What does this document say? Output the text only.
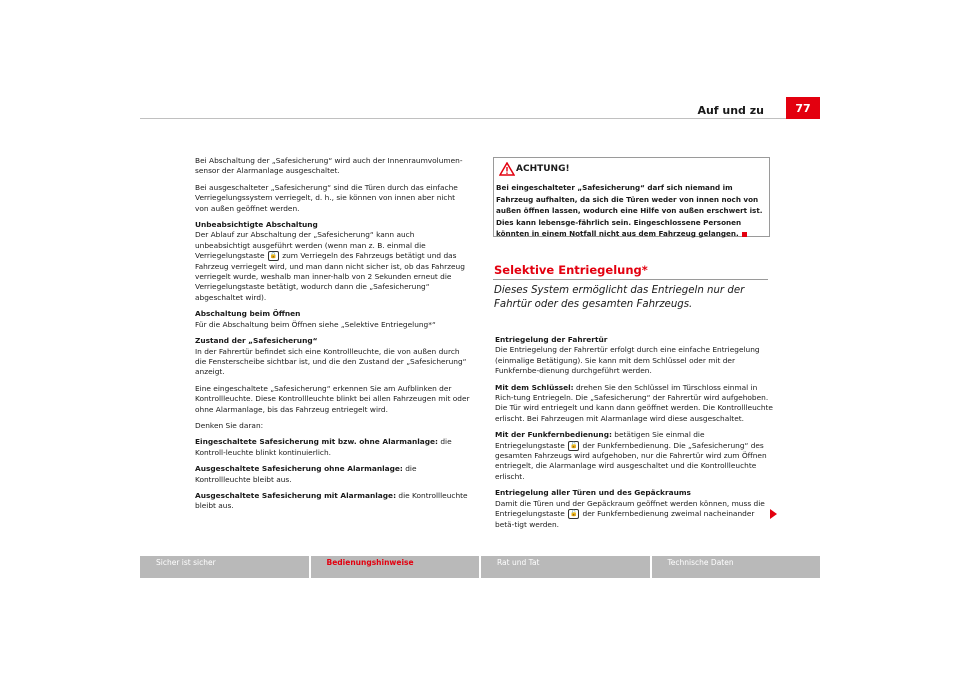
Auf und zu	77

Bei Abschaltung der „Safesicherung“ wird auch der Innenraumvolumen-sensor der Alarmanlage ausgeschaltet.

Bei ausgeschalteter „Safesicherung“ sind die Türen durch das einfache Verriegelungssystem verriegelt, d. h., sie können von innen aber nicht von außen geöffnet werden.

Unbeabsichtigte Abschaltung
Der Ablauf zur Abschaltung der „Safesicherung“ kann auch unbeabsichtigt ausgeführt werden (wenn man z. B. einmal die Verriegelungstaste 🔒 zum Verriegeln des Fahrzeugs betätigt und das Fahrzeug verriegelt wird, und man dann nicht sicher ist, ob das Fahrzeug verriegelt wurde, weshalb man inner-halb von 2 Sekunden erneut die Verriegelungstaste betätigt, wodurch dann die „Safesicherung“ abgeschaltet wird).

Abschaltung beim Öffnen
Für die Abschaltung beim Öffnen siehe „Selektive Entriegelung*“

Zustand der „Safesicherung“
In der Fahrertür befindet sich eine Kontrollleuchte, die von außen durch die Fensterscheibe sichtbar ist, und die den Zustand der „Safesicherung“ anzeigt.

Eine eingeschaltete „Safesicherung“ erkennen Sie am Aufblinken der Kontrollleuchte. Diese Kontrollleuchte blinkt bei allen Fahrzeugen mit oder ohne Alarmanlage, bis das Fahrzeug entriegelt wird.

Denken Sie daran:

Eingeschaltete Safesicherung mit bzw. ohne Alarmanlage: die Kontroll-leuchte blinkt kontinuierlich.

Ausgeschaltete Safesicherung ohne Alarmanlage: die Kontrollleuchte bleibt aus.

Ausgeschaltete Safesicherung mit Alarmanlage: die Kontrollleuchte bleibt aus.

ACHTUNG!
Bei eingeschalteter „Safesicherung“ darf sich niemand im Fahrzeug aufhalten, da sich die Türen weder von innen noch von außen öffnen lassen, wodurch eine Hilfe von außen erschwert ist. Dies kann lebensge-fährlich sein. Eingeschlossene Personen könnten in einem Notfall nicht aus dem Fahrzeug gelangen.
Selektive Entriegelung*
Dieses System ermöglicht das Entriegeln nur der Fahrtür oder des gesamten Fahrzeugs.

Entriegelung der Fahrertür
Die Entriegelung der Fahrertür erfolgt durch eine einfache Entriegelung (einmalige Betätigung). Sie kann mit dem Schlüssel oder mit der Funkfernbe-dienung durchgeführt werden.

Mit dem Schlüssel: drehen Sie den Schlüssel im Türschloss einmal in Rich-tung Entriegeln. Die „Safesicherung“ der Fahrertür wird aufgehoben. Die Tür wird entriegelt und kann dann geöffnet werden. Die Kontrollleuchte erlischt. Bei Fahrzeugen mit Alarmanlage wird diese ausgeschaltet.

Mit der Funkfernbedienung: betätigen Sie einmal die Entriegelungstaste 🔓 der Funkfernbedienung. Die „Safesicherung“ des gesamten Fahrzeugs wird aufgehoben, nur die Fahrertür wird zum Öffnen entriegelt, die Alarmanlage wird ausgeschaltet und die Kontrollleuchte erlischt.

Entriegelung aller Türen und des Gepäckraums
Damit die Türen und der Gepäckraum geöffnet werden können, muss die Entriegelungstaste 🔓 der Funkfernbedienung zweimal nacheinander betä-tigt werden.

Sicher ist sicher	Bedienungshinweise	Rat und Tat	Technische Daten
